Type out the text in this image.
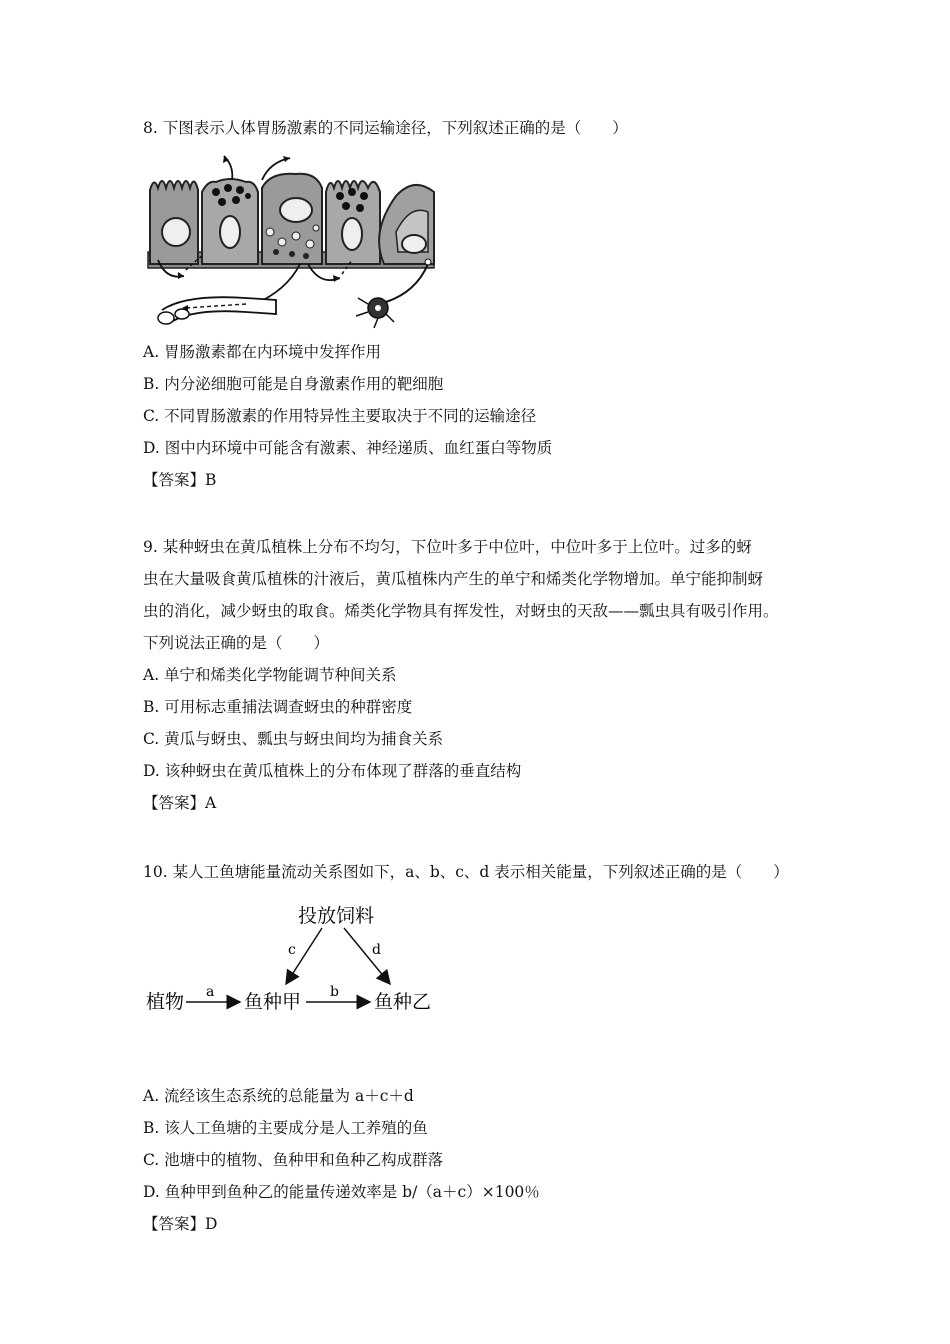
8. 下图表示人体胃肠激素的不同运输途径，下列叙述正确的是（　　）
A. 胃肠激素都在内环境中发挥作用
B. 内分泌细胞可能是自身激素作用的靶细胞
C. 不同胃肠激素的作用特异性主要取决于不同的运输途径
D. 图中内环境中可能含有激素、神经递质、血红蛋白等物质
【答案】B
9. 某种蚜虫在黄瓜植株上分布不均匀，下位叶多于中位叶，中位叶多于上位叶。过多的蚜
虫在大量吸食黄瓜植株的汁液后，黄瓜植株内产生的单宁和烯类化学物增加。单宁能抑制蚜
虫的消化，减少蚜虫的取食。烯类化学物具有挥发性，对蚜虫的天敌——瓢虫具有吸引作用。
下列说法正确的是（　　）
A. 单宁和烯类化学物能调节种间关系
B. 可用标志重捕法调查蚜虫的种群密度
C. 黄瓜与蚜虫、瓢虫与蚜虫间均为捕食关系
D. 该种蚜虫在黄瓜植株上的分布体现了群落的垂直结构
【答案】A
10. 某人工鱼塘能量流动关系图如下，a、b、c、d 表示相关能量，下列叙述正确的是（　　）
投放饲料
植物	鱼种甲	鱼种乙
a	b
c	d
A. 流经该生态系统的总能量为 a＋c＋d
B. 该人工鱼塘的主要成分是人工养殖的鱼
C. 池塘中的植物、鱼种甲和鱼种乙构成群落
D. 鱼种甲到鱼种乙的能量传递效率是 b/（a＋c）×100％
【答案】D
